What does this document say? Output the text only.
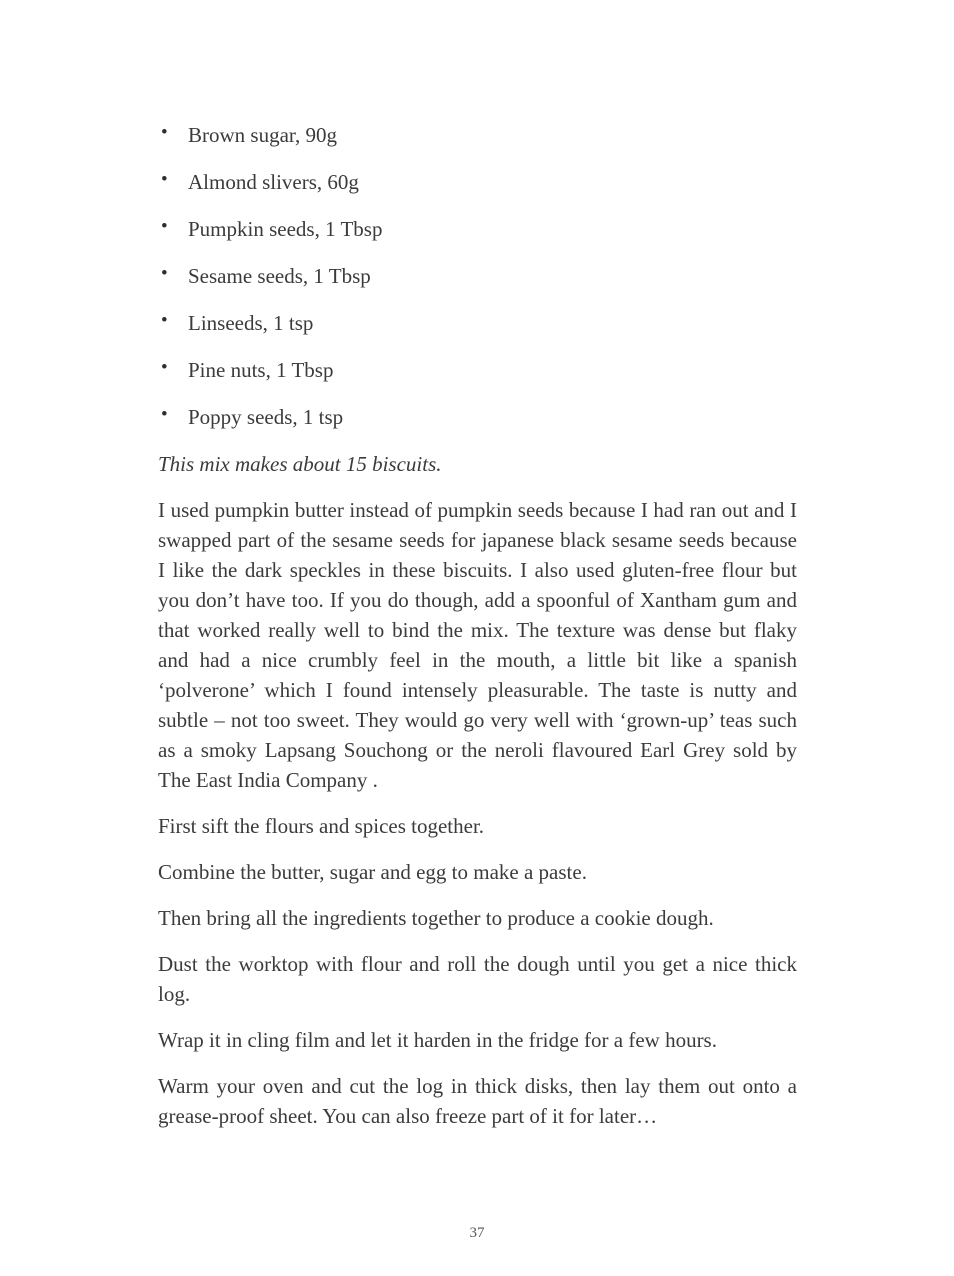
• Brown sugar, 90g
• Almond slivers, 60g
• Pumpkin seeds, 1 Tbsp
• Sesame seeds, 1 Tbsp
• Linseeds, 1 tsp
• Pine nuts, 1 Tbsp
• Poppy seeds, 1 tsp

This mix makes about 15 biscuits.

I used pumpkin butter instead of pumpkin seeds because I had ran out and I swapped part of the sesame seeds for japanese black sesame seeds because I like the dark speckles in these biscuits. I also used gluten-free flour but you don’t have too. If you do though, add a spoonful of Xantham gum and that worked really well to bind the mix. The texture was dense but flaky and had a nice crumbly feel in the mouth, a little bit like a spanish ‘polverone’ which I found intensely pleasurable. The taste is nutty and subtle – not too sweet. They would go very well with ‘grown-up’ teas such as a smoky Lapsang Souchong or the neroli flavoured Earl Grey sold by The East India Company .

First sift the flours and spices together.

Combine the butter, sugar and egg to make a paste.

Then bring all the ingredients together to produce a cookie dough.

Dust the worktop with flour and roll the dough until you get a nice thick log.

Wrap it in cling film and let it harden in the fridge for a few hours.

Warm your oven and cut the log in thick disks, then lay them out onto a grease-proof sheet. You can also freeze part of it for later…

37
